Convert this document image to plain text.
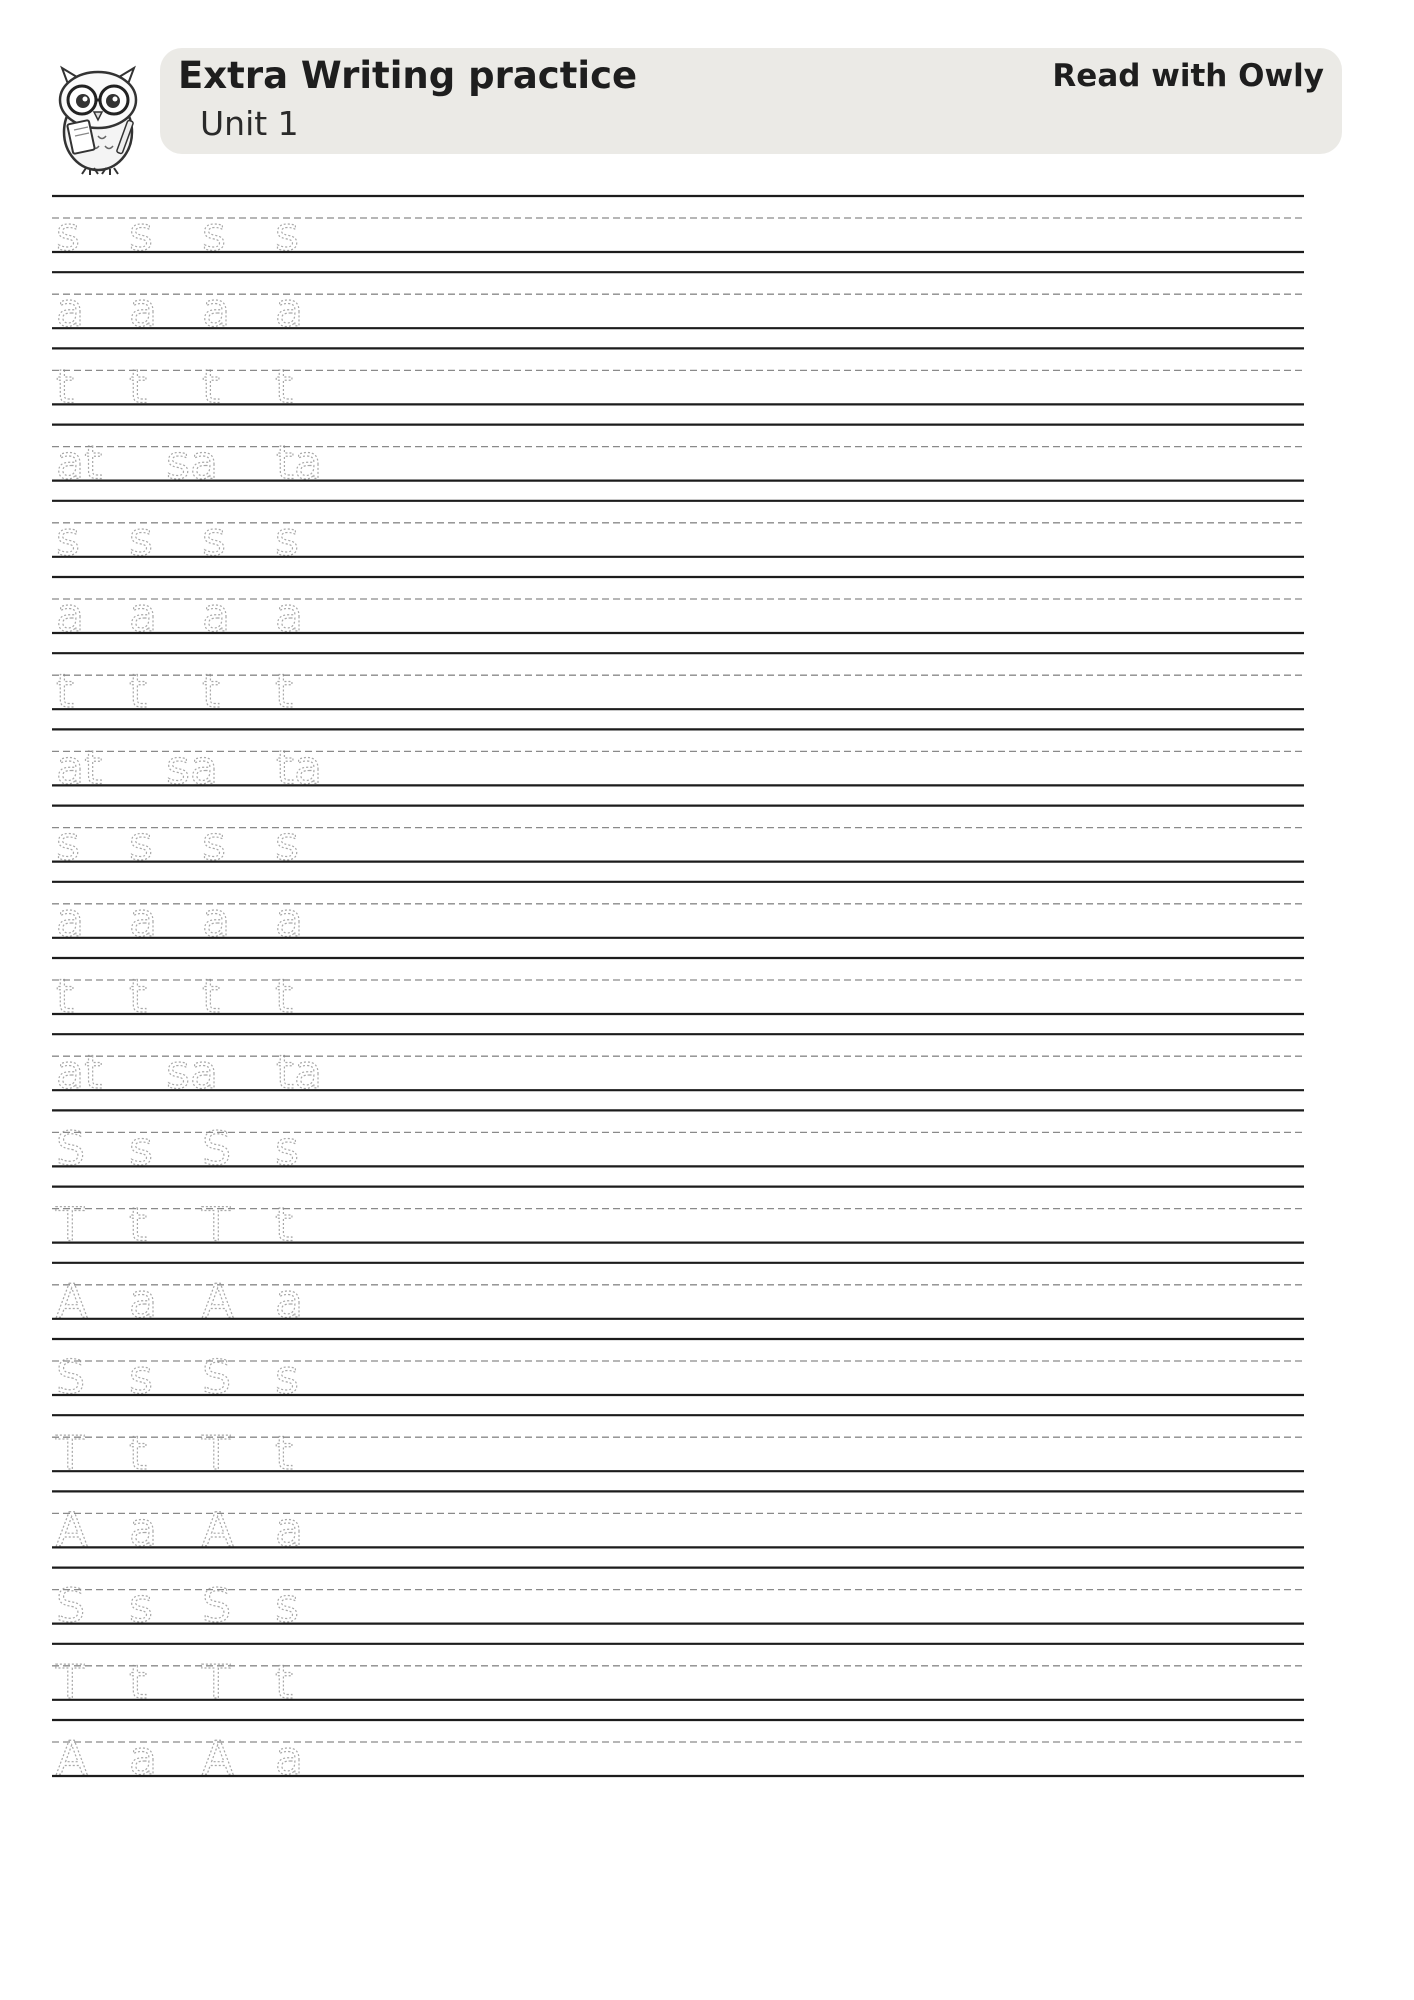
Extra Writing practice
Unit 1
Read with Owly
s s s s
a a a a
t t t t
at sa ta
s s s s
a a a a
t t t t
at sa ta
s s s s
a a a a
t t t t
at sa ta
S s S s
T t T t
A a A a
S s S s
T t T t
A a A a
S s S s
T t T t
A a A a
